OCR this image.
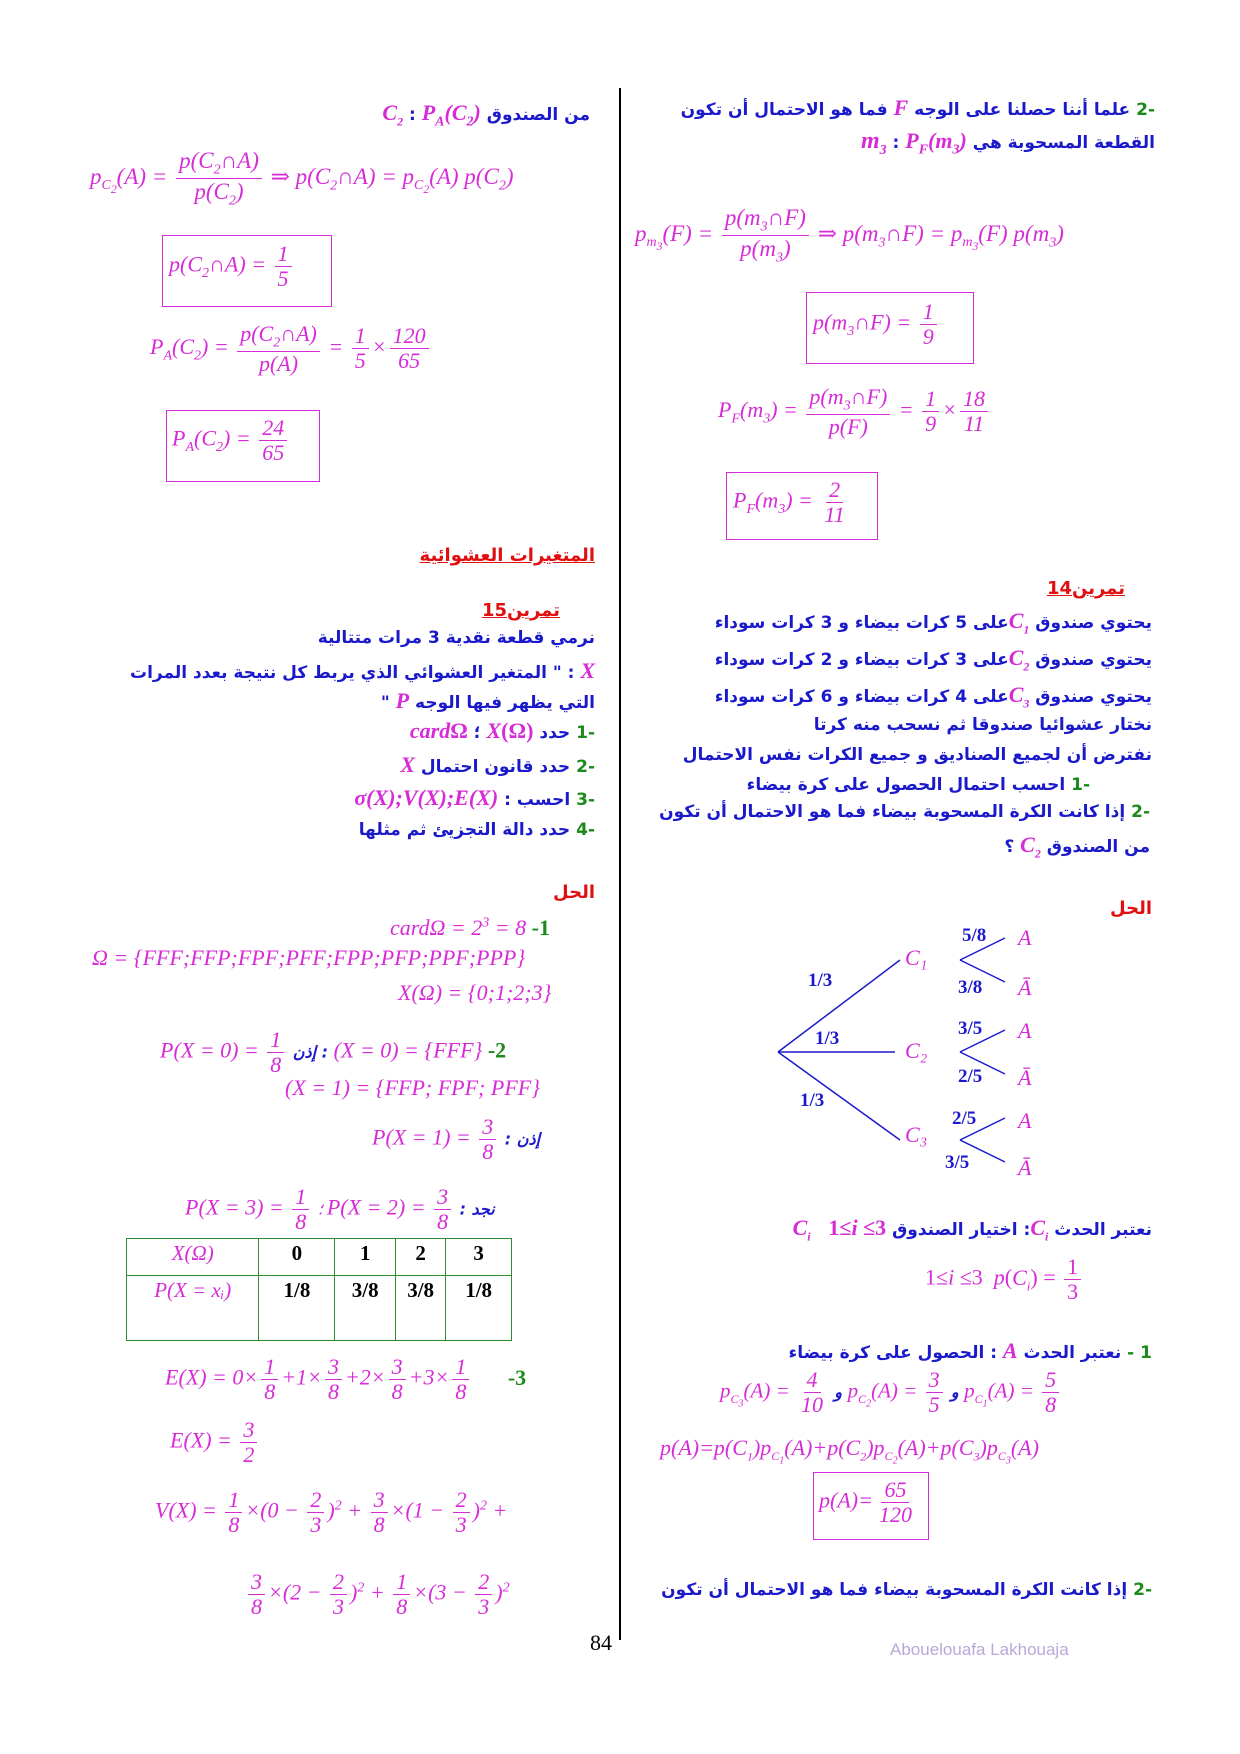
-2 علما أننا حصلنا على الوجه F فما هو الاحتمال أن تكون
القطعة المسحوبة هي $m_3$ : $P_F(m_3)$
$p_{m_3}(F) = \frac{p(m_3\cap F)}{p(m_3)}$ ⇒ $p(m_3\cap F) = p_{m_3}(F)$ $p(m_3)$
$p(m_3\cap F) = \frac{1}{9}$
$P_F(m_3) = \frac{p(m_3\cap F)}{p(F)} = \frac{1}{9} \times \frac{18}{11}$
$P_F(m_3) = \frac{2}{11}$
تمرين14
يحتوي صندوق $C_1على$ 5 كرات بيضاء و 3 كرات سوداء
يحتوي صندوق $C_2على$ 3 كرات بيضاء و 2 كرات سوداء
يحتوي صندوق $C_3على$ 4 كرات بيضاء و 6 كرات سوداء
نختار عشوائيا صندوقا ثم نسحب منه كرتا
نفترض أن لجميع الصناديق و جميع الكرات نفس الاحتمال
-1 احسب احتمال الحصول على كرة بيضاء
-2 إذا كانت الكرة المسحوبة بيضاء فما هو الاحتمال أن تكون
من الصندوق $C_2$ ؟
الحل
1/3
1/3
1/3
C₁
C₂
C₃
5/8
3/8
3/5
2/5
2/5
3/5
A
Ā
A
Ā
A
Ā
نعتبر الحدث $C_i$: اختيار الصندوق $C_i$ 1≤i ≤3
1≤i ≤3  $p(C_i) = \frac{1}{3}$
1 - نعتبر الحدث A : الحصول على كرة بيضاء
$p_{C_3}(A) = \frac{4}{10}$ و $p_{C_2}(A) = \frac{3}{5}$ و $p_{C_1}(A) = \frac{5}{8}$
$p(A)=p(C_1)p_{C_1}(A)+p(C_2)p_{C_2}(A)+p(C_3)p_{C_3}(A)$
$p(A)= \frac{65}{120}$
-2 إذا كانت الكرة المسحوبة بيضاء فما هو الاحتمال أن تكون
من الصندوق $C_2$ : $P_A(C_2)$
$p_{C_2}(A) = \frac{p(C_2\cap A)}{p(C_2)}$ ⇒ $p(C_2\cap A) = p_{C_2}(A)$ $p(C_2)$
$p(C_2\cap A) = \frac{1}{5}$
$P_A(C_2) = \frac{p(C_2\cap A)}{p(A)} = \frac{1}{5} \times \frac{120}{65}$
$P_A(C_2) = \frac{24}{65}$
المتغيرات العشوائية
تمرين15
نرمي قطعة نقدية 3 مرات متتالية
X : " المتغير العشوائي الذي يربط كل نتيجة بعدد المرات
التي يظهر فيها الوجه P "
-1 حدد X(Ω) ؛ cardΩ
-2 حدد قانون احتمال X
-3 احسب : σ(X);V(X);E(X)
-4 حدد دالة التجزيئ ثم مثلها
الحل
cardΩ = $2^3 = 8$ -1
Ω = {FFF;FFP;FPF;PFF;FPP;PFP;PPF;PPP}
X(Ω) = {0;1;2;3}
$P(X = 0) = \frac{1}{8}$ إذن : (X = 0) = {FFF} -2
(X = 1) = {FFP; FPF; PFF}
$P(X = 1) = \frac{3}{8}$ : إذن
$P(X = 3) = \frac{1}{8}$ ؛ $P(X = 2) = \frac{3}{8}$ : نجد
X(Ω)	0	1	2	3
P(X = xᵢ)	1/8	3/8	3/8	1/8
$E(X) = 0\times \frac{1}{8} +1\times \frac{3}{8} +2\times \frac{3}{8} +3\times \frac{1}{8} -3$
$E(X) = \frac{3}{2}$
$V(X) = \frac{1}{8} \times(0 - \frac{2}{3} )^2 + \frac{3}{8} \times(1 - \frac{2}{3} )^2$ +
$\frac{3}{8} \times(2 - \frac{2}{3} )^2 + \frac{1}{8} \times(3 - \frac{2}{3} )^2$
84	Abouelouafa Lakhouaja
